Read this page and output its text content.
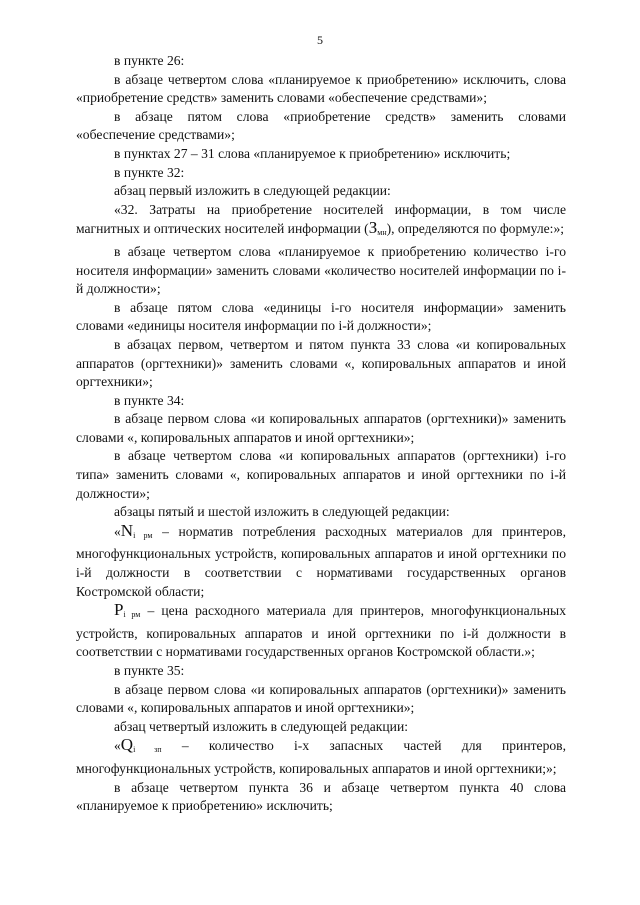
5

в пункте 26:

в абзаце четвертом слова «планируемое к приобретению» исключить, слова «приобретение средств» заменить словами «обеспечение средствами»;

в абзаце пятом слова «приобретение средств» заменить словами «обеспечение средствами»;

в пунктах 27 – 31 слова «планируемое к приобретению» исключить;

в пункте 32:

абзац первый изложить в следующей редакции:

«32. Затраты на приобретение носителей информации, в том числе магнитных и оптических носителей информации $(З_{мн})$, определяются по формуле:»;

в абзаце четвертом слова «планируемое к приобретению количество i-го носителя информации» заменить словами «количество носителей информации по i-й должности»;

в абзаце пятом слова «единицы i-го носителя информации» заменить словами «единицы носителя информации по i-й должности»;

в абзацах первом, четвертом и пятом пункта 33 слова «и копировальных аппаратов (оргтехники)» заменить словами «, копировальных аппаратов и иной оргтехники»;

в пункте 34:

в абзаце первом слова «и копировальных аппаратов (оргтехники)» заменить словами «, копировальных аппаратов и иной оргтехники»;

в абзаце четвертом слова «и копировальных аппаратов (оргтехники) i-го типа» заменить словами «, копировальных аппаратов и иной оргтехники по i-й должности»;

абзацы пятый и шестой изложить в следующей редакции:

«$N_{i рм}$ – норматив потребления расходных материалов для принтеров, многофункциональных устройств, копировальных аппаратов и иной оргтехники по i-й должности в соответствии с нормативами государственных органов Костромской области;

$P_{i рм}$ – цена расходного материала для принтеров, многофункциональных устройств, копировальных аппаратов и иной оргтехники по i-й должности в соответствии с нормативами государственных органов Костромской области.»;

в пункте 35:

в абзаце первом слова «и копировальных аппаратов (оргтехники)» заменить словами «, копировальных аппаратов и иной оргтехники»;

абзац четвертый изложить в следующей редакции:

«$Q_{i зп}$ – количество i-х запасных частей для принтеров, многофункциональных устройств, копировальных аппаратов и иной оргтехники;»;

в абзаце четвертом пункта 36 и абзаце четвертом пункта 40 слова «планируемое к приобретению» исключить;
